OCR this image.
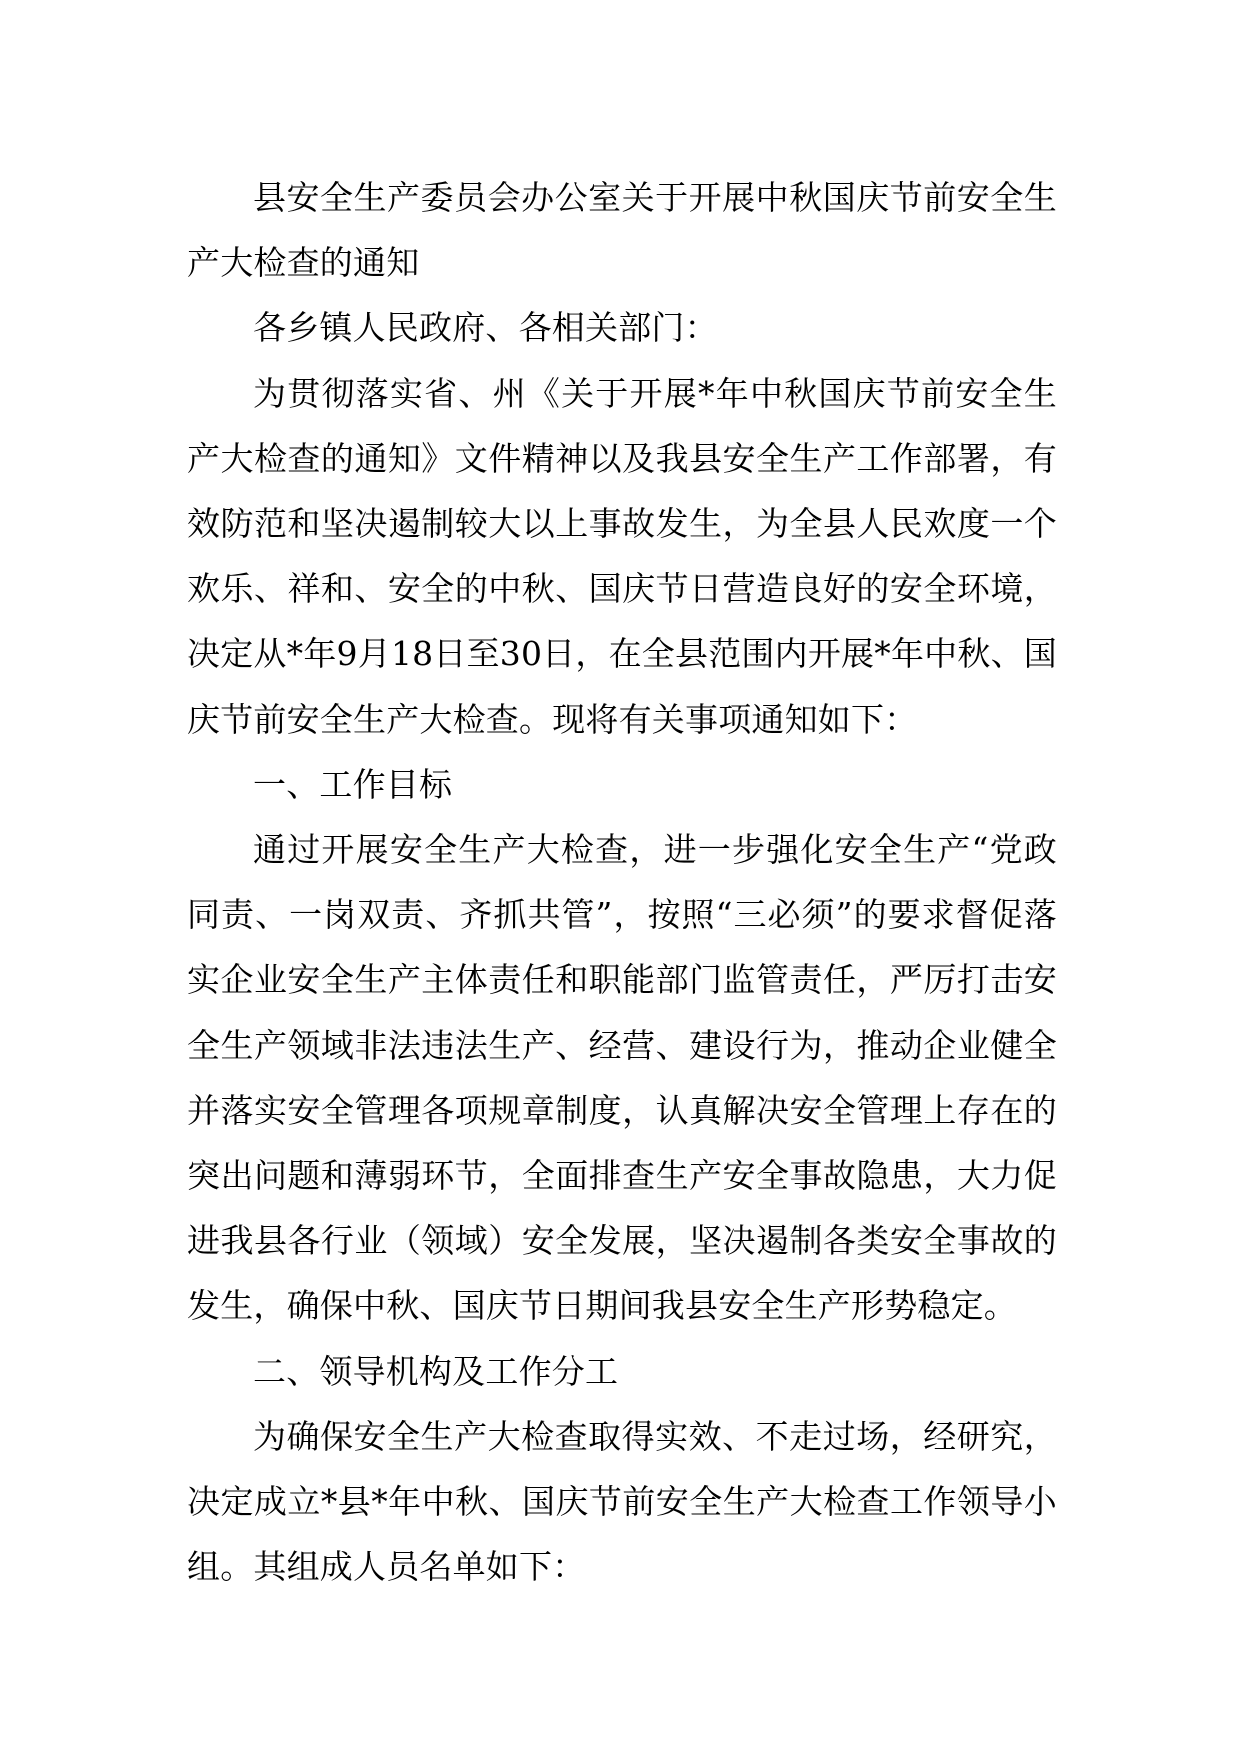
县安全生产委员会办公室关于开展中秋国庆节前安全生产大检查的通知

各乡镇人民政府、各相关部门：

为贯彻落实省、州《关于开展*年中秋国庆节前安全生产大检查的通知》文件精神以及我县安全生产工作部署，有效防范和坚决遏制较大以上事故发生，为全县人民欢度一个欢乐、祥和、安全的中秋、国庆节日营造良好的安全环境，决定从*年9月18日至30日，在全县范围内开展*年中秋、国庆节前安全生产大检查。现将有关事项通知如下：

一、工作目标

通过开展安全生产大检查，进一步强化安全生产“党政同责、一岗双责、齐抓共管”，按照“三必须”的要求督促落实企业安全生产主体责任和职能部门监管责任，严厉打击安全生产领域非法违法生产、经营、建设行为，推动企业健全并落实安全管理各项规章制度，认真解决安全管理上存在的突出问题和薄弱环节，全面排查生产安全事故隐患，大力促进我县各行业（领域）安全发展，坚决遏制各类安全事故的发生，确保中秋、国庆节日期间我县安全生产形势稳定。

二、领导机构及工作分工

为确保安全生产大检查取得实效、不走过场，经研究，决定成立*县*年中秋、国庆节前安全生产大检查工作领导小组。其组成人员名单如下：
